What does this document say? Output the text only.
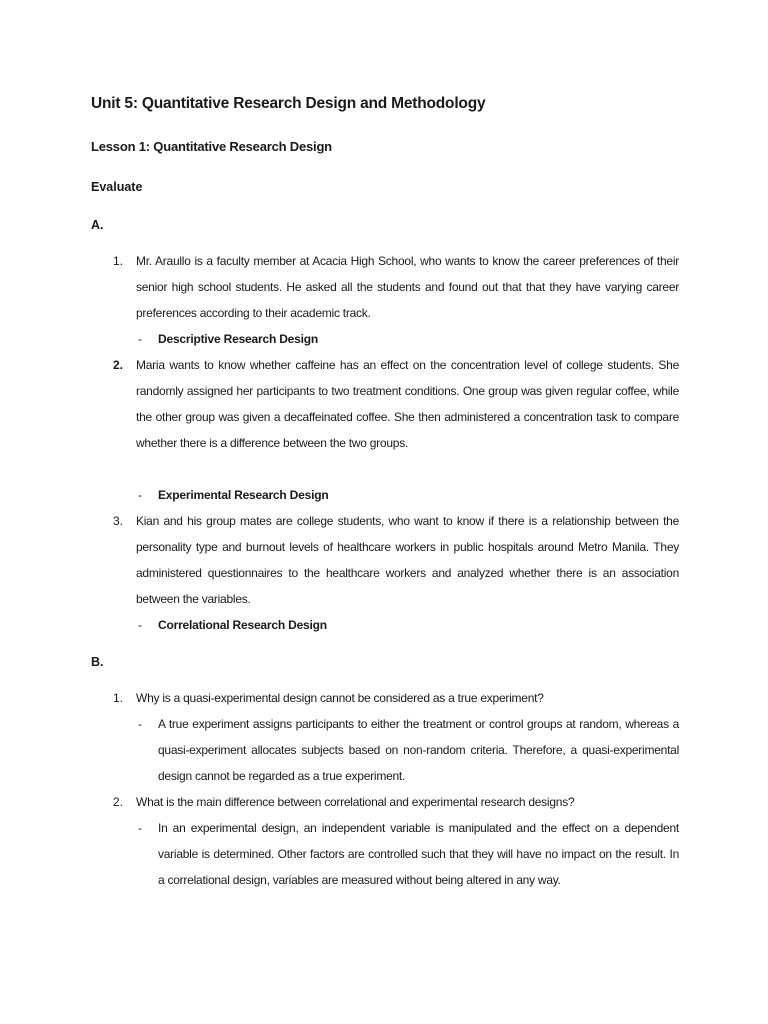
Unit 5: Quantitative Research Design and Methodology
Lesson 1: Quantitative Research Design
Evaluate
A.
1. Mr. Araullo is a faculty member at Acacia High School, who wants to know the career preferences of their senior high school students. He asked all the students and found out that that they have varying career preferences according to their academic track.
- Descriptive Research Design
2. Maria wants to know whether caffeine has an effect on the concentration level of college students. She randomly assigned her participants to two treatment conditions. One group was given regular coffee, while the other group was given a decaffeinated coffee. She then administered a concentration task to compare whether there is a difference between the two groups.
- Experimental Research Design
3. Kian and his group mates are college students, who want to know if there is a relationship between the personality type and burnout levels of healthcare workers in public hospitals around Metro Manila. They administered questionnaires to the healthcare workers and analyzed whether there is an association between the variables.
- Correlational Research Design
B.
1. Why is a quasi-experimental design cannot be considered as a true experiment?
- A true experiment assigns participants to either the treatment or control groups at random, whereas a quasi-experiment allocates subjects based on non-random criteria. Therefore, a quasi-experimental design cannot be regarded as a true experiment.
2. What is the main difference between correlational and experimental research designs?
- In an experimental design, an independent variable is manipulated and the effect on a dependent variable is determined. Other factors are controlled such that they will have no impact on the result. In a correlational design, variables are measured without being altered in any way.
